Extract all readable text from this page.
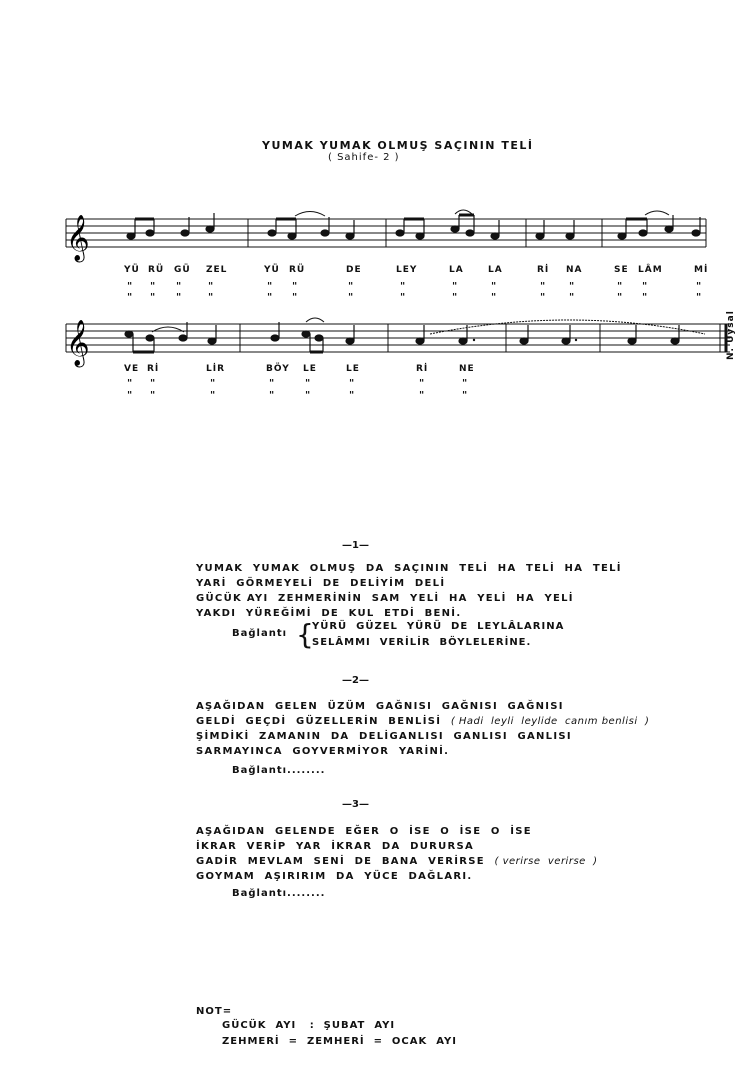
YUMAK YUMAK OLMUŞ SAÇININ TELİ
( Sahife- 2 )
𝄞
YÜ RÜ GÜ ZEL	YÜ RÜ	DE	LEY	LA	LA	Rİ NA	SE LÂM	Mİ
" " "	"	" "	"	"	"	"	" "	" "	"
" " "	"	" "	"	"	"	"	" "	" "	"
𝄞	N. Uysal
VE Rİ	LİR	BÖY LE	LE	Rİ	NE
" "	"	"	"	"	"	"
" "	"	"	"	"	"	"
—1—
YUMAK  YUMAK  OLMUŞ  DA  SAÇININ  TELİ  HA  TELİ  HA  TELİ
YARİ  GÖRMEYELİ  DE  DELİYİM  DELİ
GÜCÜK AYI  ZEHMERİNİN  SAM  YELİ  HA  YELİ  HA  YELİ
YAKDI  YÜREĞİMİ  DE  KUL  ETDİ  BENİ.
Bağlantı {
YÜRÜ  GÜZEL  YÜRÜ  DE  LEYLÂLARINA
SELÂMMI  VERİLİR  BÖYLELERİNE.
—2—
AŞAĞIDAN  GELEN  ÜZÜM  GAĞNISI  GAĞNISI  GAĞNISI
GELDİ  GEÇDİ  GÜZELLERİN  BENLİSİ ( Hadi  leyli  leylide  canım benlisi  )
ŞİMDİKİ  ZAMANIN  DA  DELİGANLISI  GANLISI  GANLISI
SARMAYINCA  GOYVERMİYOR  YARİNİ.
Bağlantı........
—3—
AŞAĞIDAN  GELENDE  EĞER  O  İSE  O  İSE  O  İSE
İKRAR  VERİP  YAR  İKRAR  DA  DURURSA
GADİR  MEVLAM  SENİ  DE  BANA  VERİRSE ( verirse  verirse  )
GOYMAM  AŞIRIRIM  DA  YÜCE  DAĞLARI.
Bağlantı........
NOT=
GÜCÜK  AYI   :  ŞUBAT  AYI
ZEHMERİ  =  ZEMHERİ  =  OCAK  AYI
